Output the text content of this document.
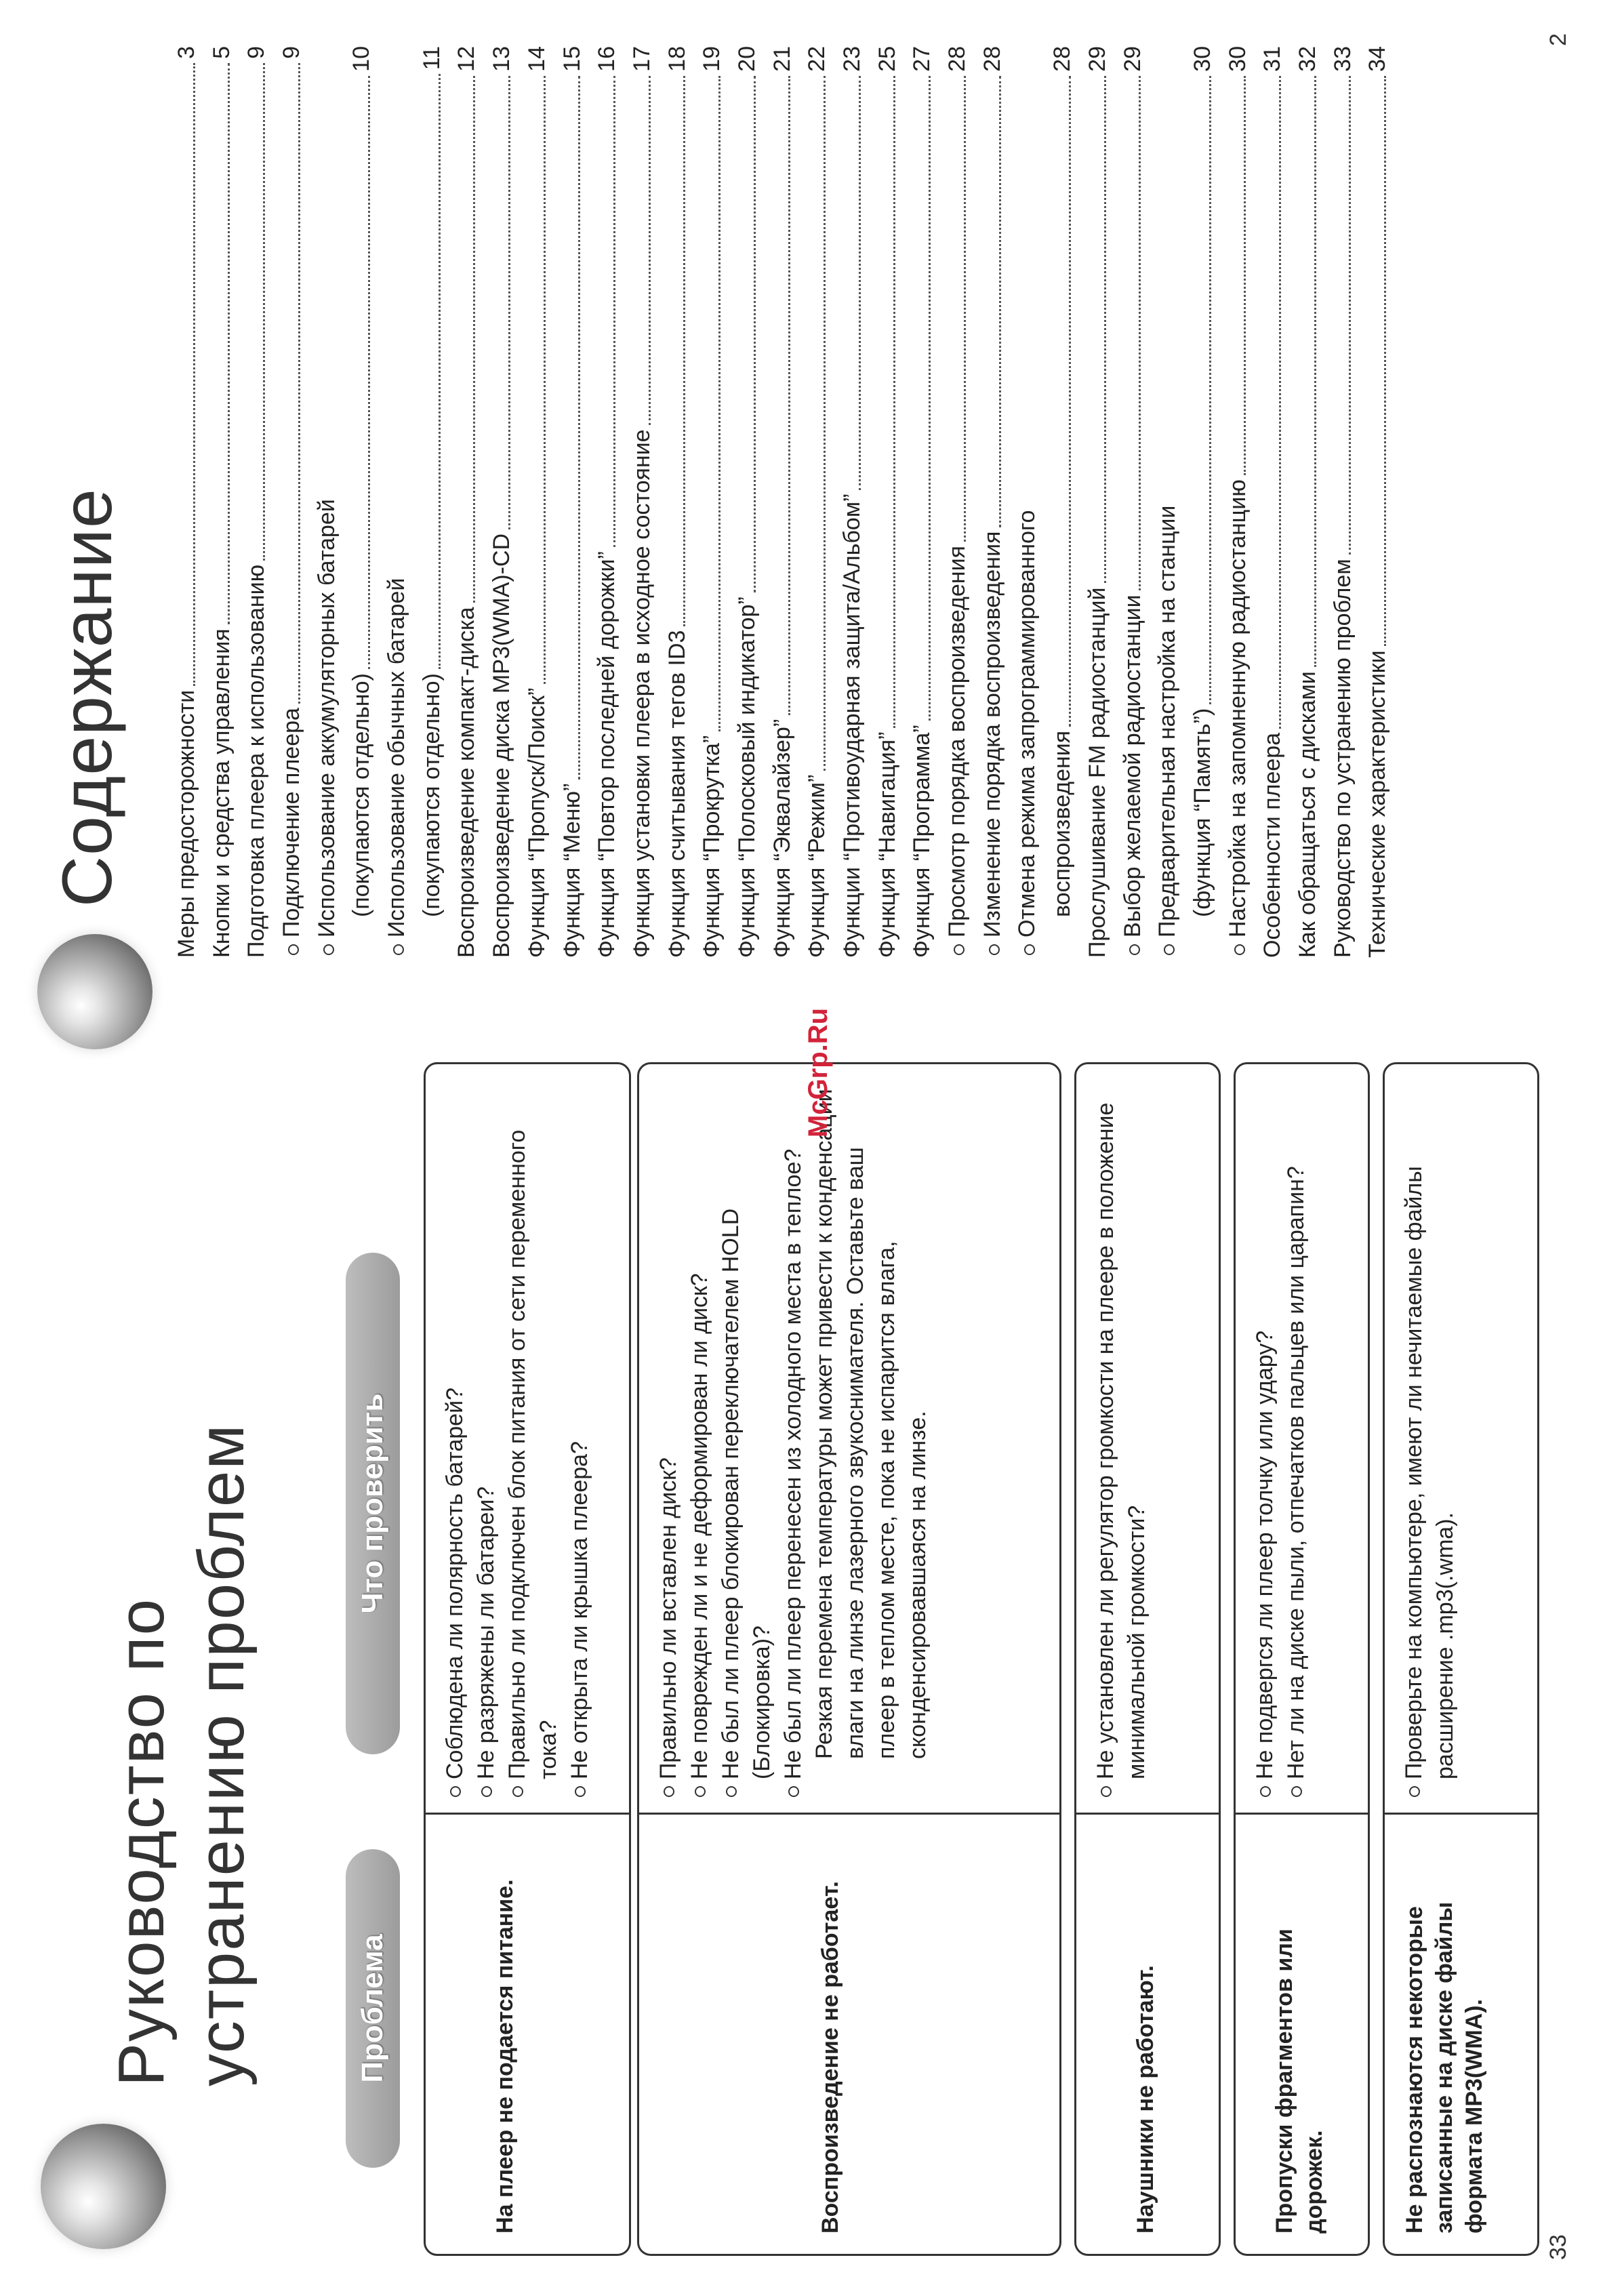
33
Руководство по устранению проблем	Проблема
Что проверить
На плеер не подается питание.
Соблюдена ли полярность батарей? Не разряжены ли батареи? Правильно ли подключен блок питания от сети переменного тока? Не открыта ли крышка плеера?
Воспроизведение не работает.
Правильно ли вставлен диск? Не поврежден ли и не деформирован ли диск? Не был ли плеер блокирован переключателем HOLD (Блокировка)? Не был ли плеер перенесен из холодного места в теплое? Резкая перемена температуры может привести к конденсации влаги на линзе лазерного звукоснимателя. Оставьте ваш плеер в теплом месте, пока не испарится влага, сконденсировавшаяся на линзе.
Наушники не работают.
Не установлен ли регулятор громкости на плеере в положение минимальной громкости?
Пропуски фрагментов или дорожек.
Не подвергся ли плеер толчку или удару? Нет ли на диске пыли, отпечатков пальцев или царапин?
Не распознаются некоторые записанные на диске файлы формата MP3(WMA).
Проверьте на компьютере, имеют ли нечитаемые файлы расширение .mp3(.wma).
McGrp.Ru
Содержание Меры предосторожности
3
Кнопки и средства управления
5
Подготовка плеера к использованию
9
Подключение плеера
9
Использование аккумуляторных батарей (покупаются отдельно)
10
Использование обычных батарей (покупаются отдельно)
11
Воспроизведение компакт-диска
12
Воспроизведение диска MP3(WMA)-CD
13
Функция “Пропуск/Поиск”
14
Функция “Меню”
15
Функция “Повтор последней дорожки”
16
Функция установки плеера в исходное состояние
17
Функция считывания тегов ID3
18
Функция “Прокрутка”
19
Функция “Полосковый индикатор”
20
Функция “Эквалайзер”
21
Функция “Режим”
22
Функции “Противоударная защита/Альбом”
23
Функция “Навигация”
25
Функция “Программа”
27
Просмотр порядка воспроизведения
28
Изменение порядка воспроизведения
28
Отмена режима запрограммированного воспроизведения
28
Прослушивание FM радиостанций
29
Выбор желаемой радиостанции
29
Предварительная настройка на станции (функция “Память”)
30
Настройка на запомненную радиостанцию
30
Особенности плеера
31
Как обращаться с дисками
32
Руководство по устранению проблем
33
Технические характеристики
34
2
